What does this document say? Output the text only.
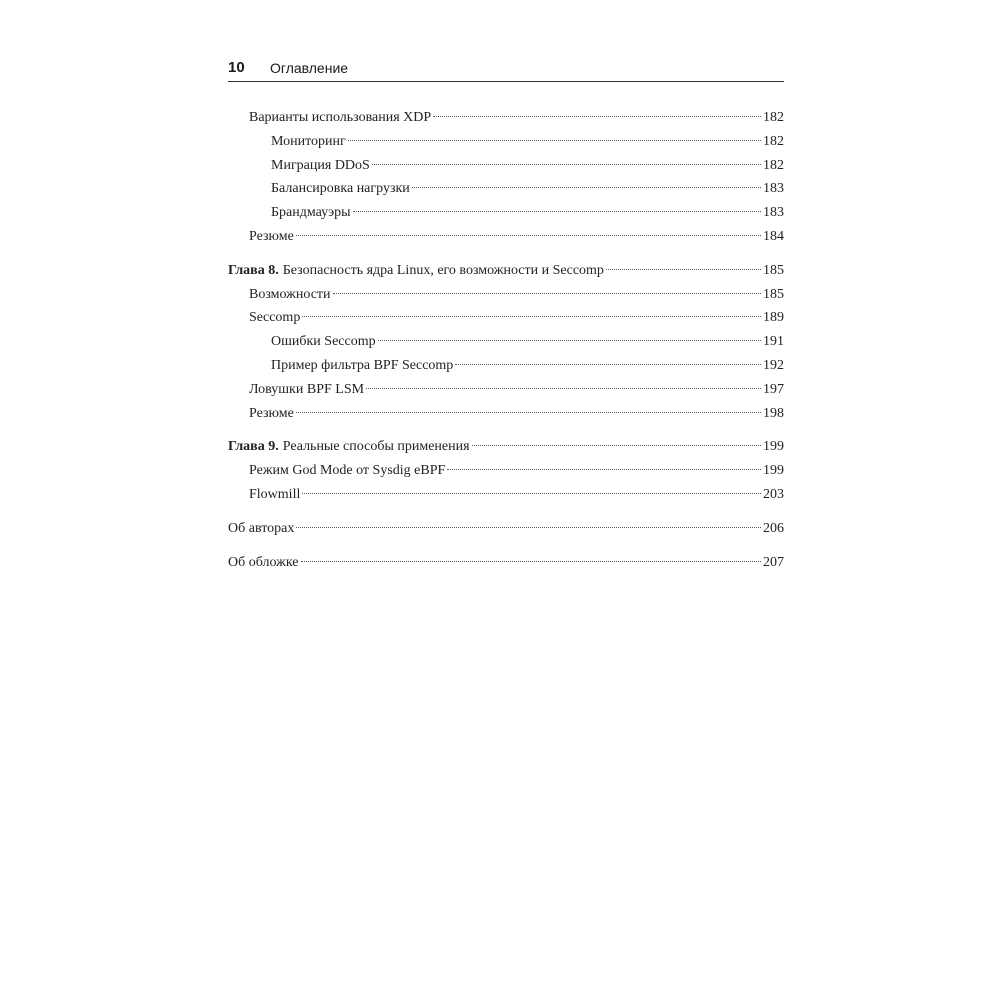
10 Оглавление
Варианты использования XDP	182
Мониторинг	182
Миграция DDoS	182
Балансировка нагрузки	183
Брандмауэры	183
Резюме	184
Глава 8. Безопасность ядра Linux, его возможности и Seccomp	185
Возможности	185
Seccomp	189
Ошибки Seccomp	191
Пример фильтра BPF Seccomp	192
Ловушки BPF LSM	197
Резюме	198
Глава 9. Реальные способы применения	199
Режим God Mode от Sysdig eBPF	199
Flowmill	203
Об авторах	206
Об обложке	207
